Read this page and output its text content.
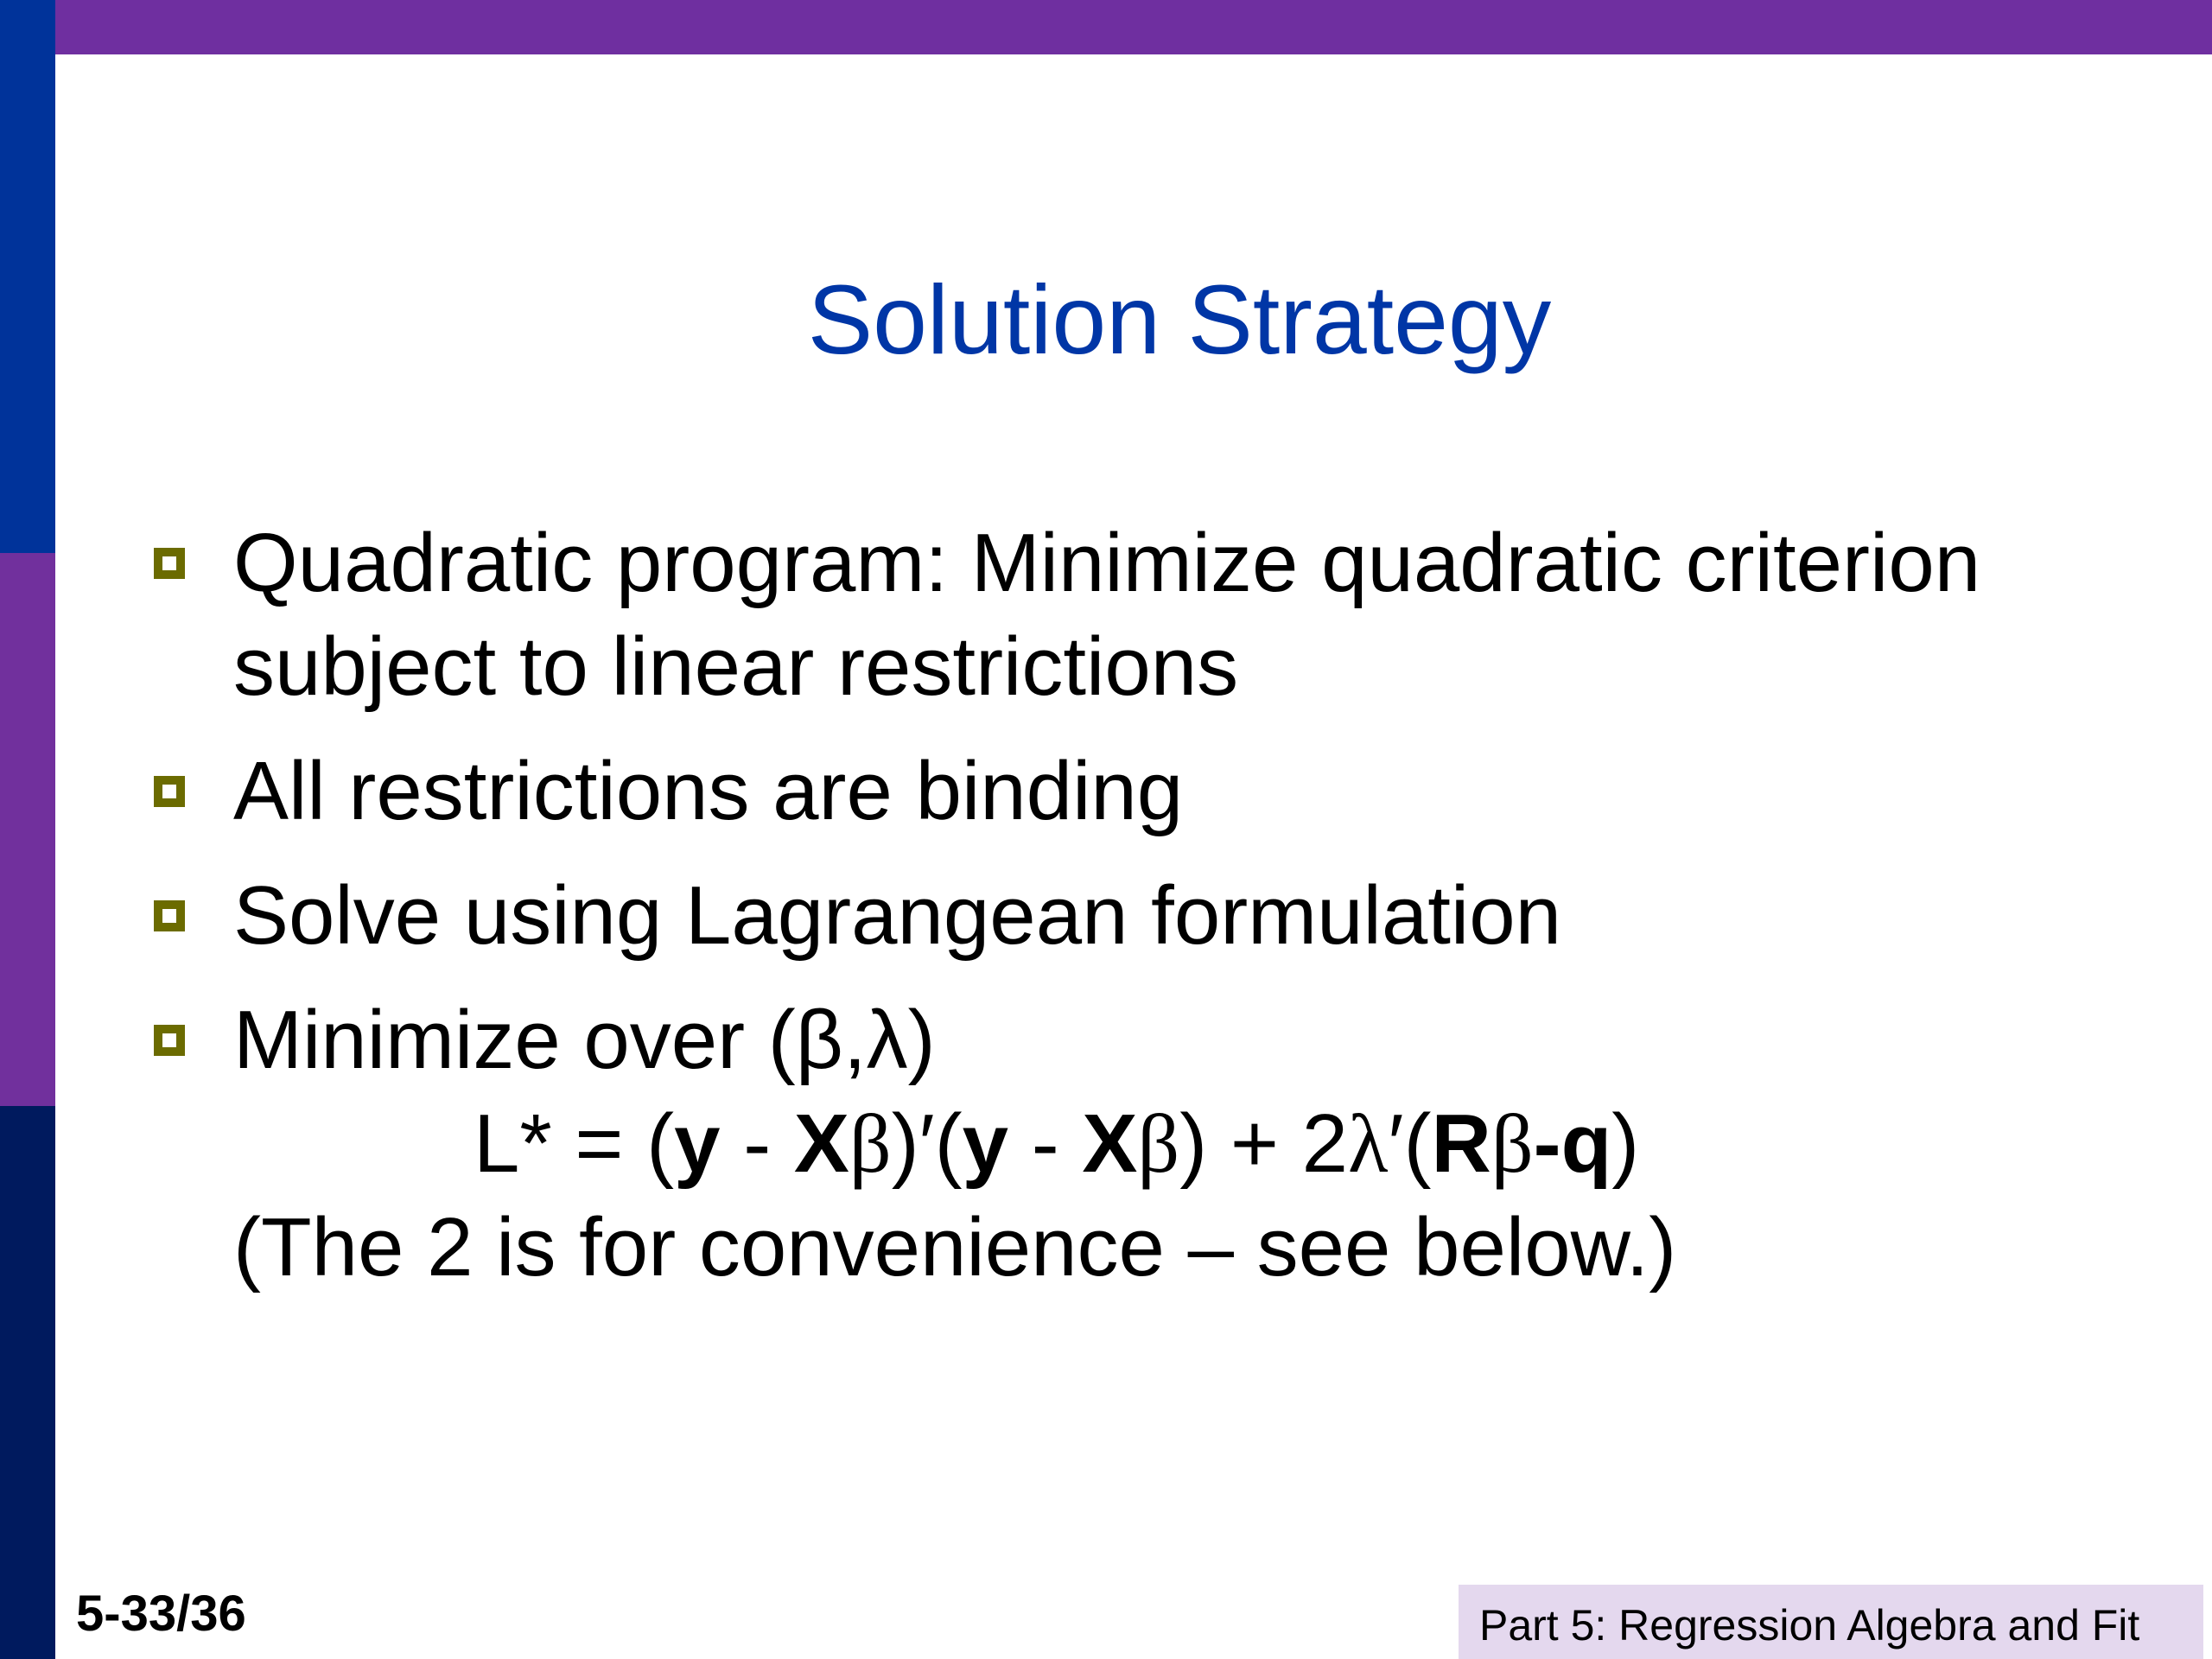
Solution Strategy
Quadratic program: Minimize quadratic criterion
subject to linear restrictions
All restrictions are binding
Solve using Lagrangean formulation
Minimize over (β,λ)
L* = (y - Xβ)′(y - Xβ) + 2λ′(Rβ-q)
(The 2 is for convenience – see below.)
5-33/36	Part 5: Regression Algebra and Fit
